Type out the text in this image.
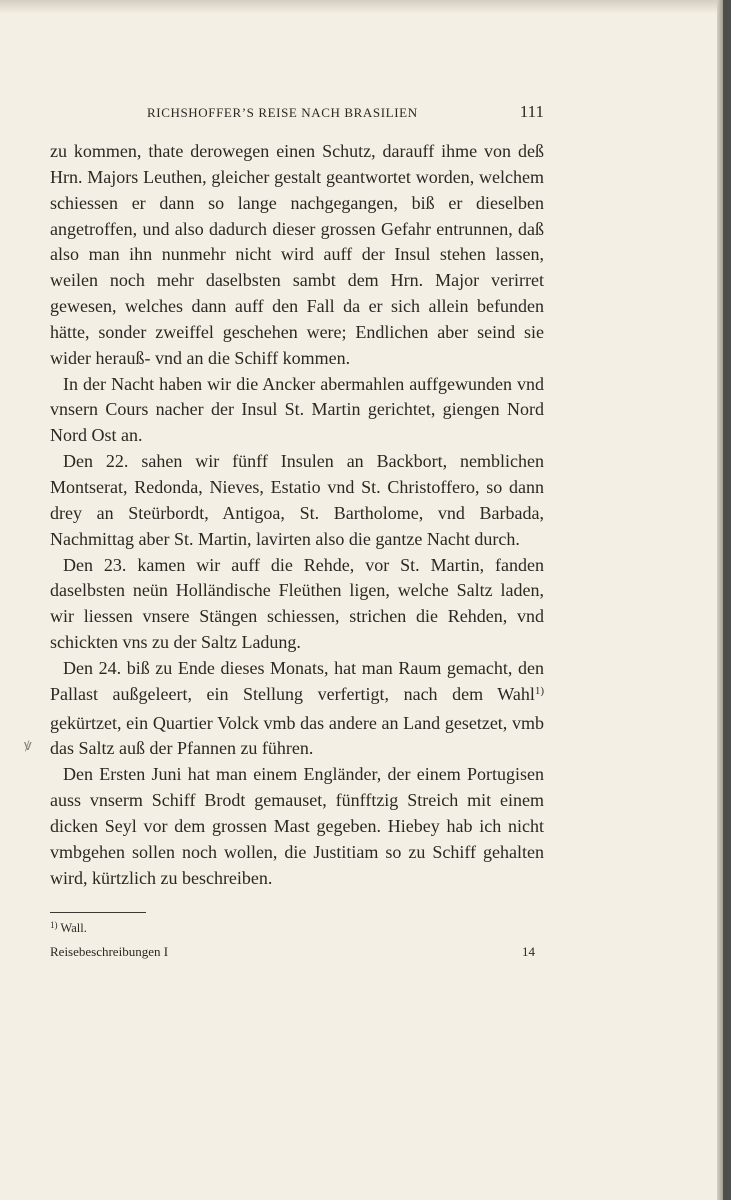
RICHSHOFFER’S REISE NACH BRASILIEN	111
ꝟ

zu kommen, thate derowegen einen Schutz, darauff ihme von deß Hrn. Majors Leuthen, gleicher gestalt geantwortet worden, welchem schiessen er dann so lange nachgegangen, biß er dieselben angetroffen, und also dadurch dieser grossen Gefahr entrunnen, daß also man ihn nunmehr nicht wird auff der Insul stehen lassen, weilen noch mehr daselbsten sambt dem Hrn. Major verirret gewesen, welches dann auff den Fall da er sich allein befunden hätte, sonder zweiffel geschehen were; Endlichen aber seind sie wider herauß- vnd an die Schiff kommen.

In der Nacht haben wir die Ancker abermahlen auffgewunden vnd vnsern Cours nacher der Insul St. Martin gerichtet, giengen Nord Nord Ost an.

Den 22. sahen wir fünff Insulen an Backbort, nemblichen Montserat, Redonda, Nieves, Estatio vnd St. Christoffero, so dann drey an Steürbordt, Antigoa, St. Bartholome, vnd Barbada, Nachmittag aber St. Martin, lavirten also die gantze Nacht durch.

Den 23. kamen wir auff die Rehde, vor St. Martin, fanden daselbsten neün Holländische Fleüthen ligen, welche Saltz laden, wir liessen vnsere Stängen schiessen, strichen die Rehden, vnd schickten vns zu der Saltz Ladung.

Den 24. biß zu Ende dieses Monats, hat man Raum gemacht, den Pallast außgeleert, ein Stellung verfertigt, nach dem Wahl$^{1)}$ gekürtzet, ein Quartier Volck vmb das andere an Land gesetzet, vmb das Saltz auß der Pfannen zu führen.

Den Ersten Juni hat man einem Engländer, der einem Portugisen auss vnserm Schiff Brodt gemauset, fünfftzig Streich mit einem dicken Seyl vor dem grossen Mast gegeben. Hiebey hab ich nicht vmbgehen sollen noch wollen, die Justitiam so zu Schiff gehalten wird, kürtzlich zu beschreiben.

$^{1)}$ Wall.
Reisebeschreibungen I	14
